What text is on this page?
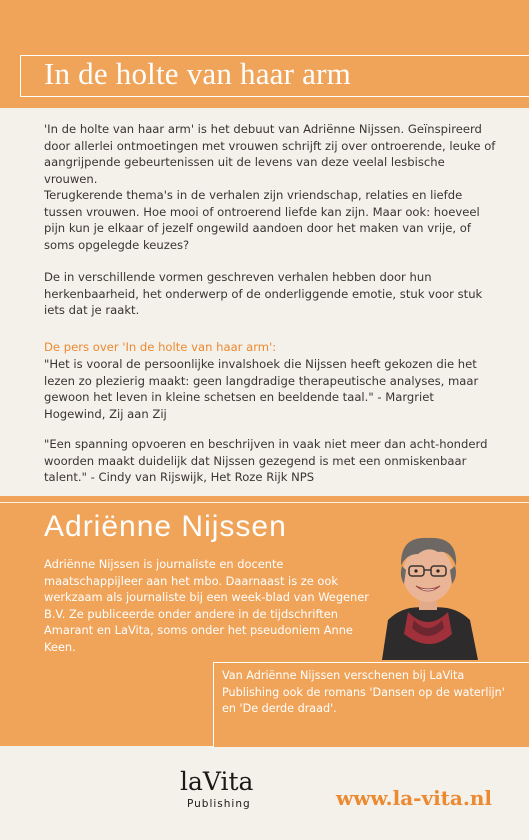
In de holte van haar arm

'In de holte van haar arm' is het debuut van Adriënne Nijssen. Geïnspireerd door allerlei ontmoetingen met vrouwen schrijft zij over ontroerende, leuke of aangrijpende gebeurtenissen uit de levens van deze veelal lesbische vrouwen.

Terugkerende thema's in de verhalen zijn vriendschap, relaties en liefde tussen vrouwen. Hoe mooi of ontroerend liefde kan zijn. Maar ook: hoeveel pijn kun je elkaar of jezelf ongewild aandoen door het maken van vrije, of soms opgelegde keuzes?

De in verschillende vormen geschreven verhalen hebben door hun herkenbaarheid, het onderwerp of de onderliggende emotie, stuk voor stuk iets dat je raakt.

De pers over 'In de holte van haar arm':

"Het is vooral de persoonlijke invalshoek die Nijssen heeft gekozen die het lezen zo plezierig maakt: geen langdradige therapeutische analyses, maar gewoon het leven in kleine schetsen en beeldende taal." - Margriet Hogewind, Zij aan Zij

"Een spanning opvoeren en beschrijven in vaak niet meer dan acht-honderd woorden maakt duidelijk dat Nijssen gezegend is met een onmiskenbaar talent." - Cindy van Rijswijk, Het Roze Rijk NPS

Adriënne Nijssen

Adriënne Nijssen is journaliste en docente maatschappijleer aan het mbo. Daarnaast is ze ook werkzaam als journaliste bij een week-blad van Wegener B.V. Ze publiceerde onder andere in de tijdschriften Amarant en LaVita, soms onder het pseudoniem Anne Keen.

Van Adriënne Nijssen verschenen bij LaVita Publishing ook de romans 'Dansen op de waterlijn' en 'De derde draad'.

laVita
Publishing	www.la-vita.nl
